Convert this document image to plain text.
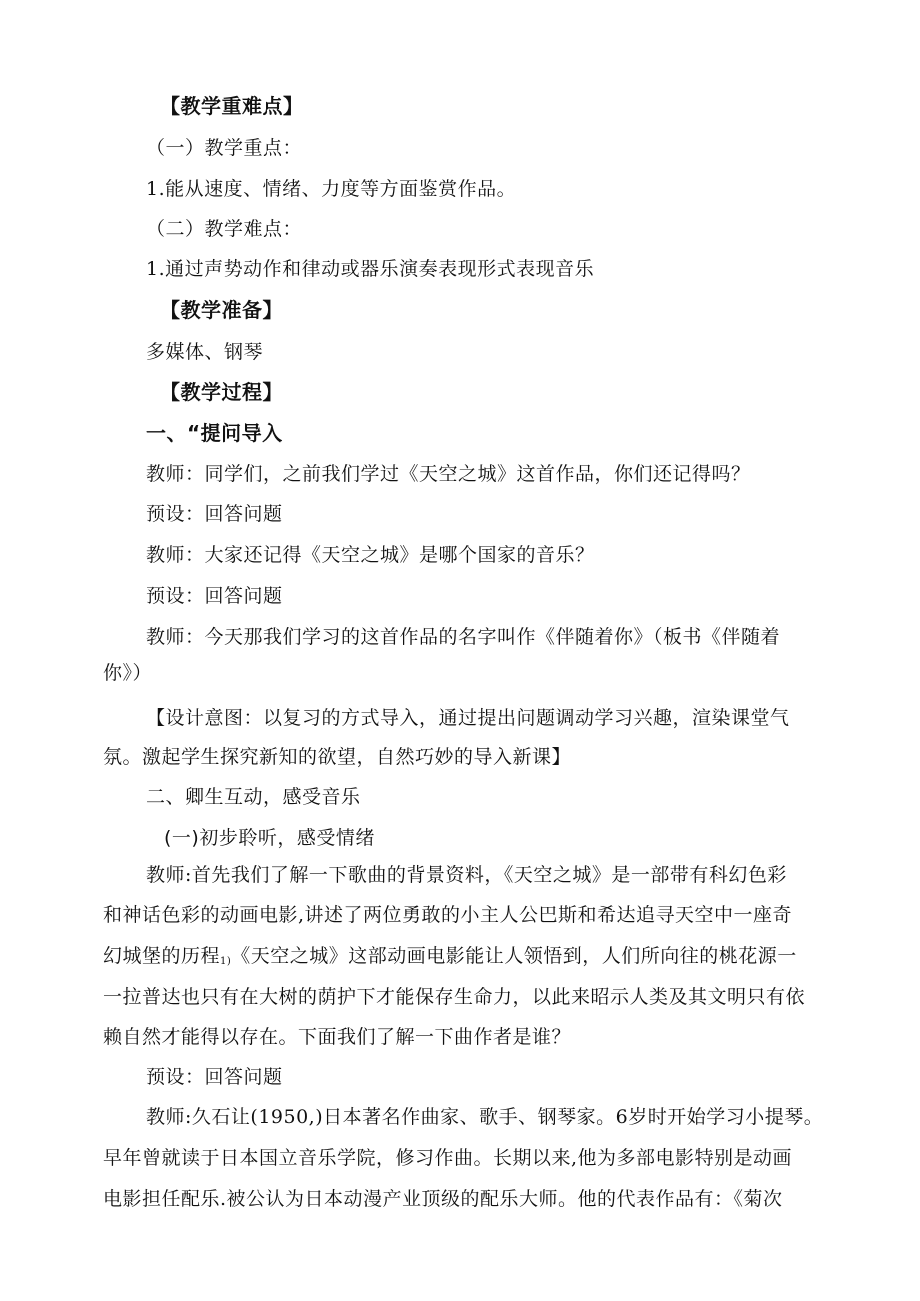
【教学重难点】
（一）教学重点：
1.能从速度、情绪、力度等方面鉴赏作品。
（二）教学难点：
1.通过声势动作和律动或器乐演奏表现形式表现音乐
【教学准备】
多媒体、钢琴
【教学过程】
一、“提问导入
教师：同学们，之前我们学过《天空之城》这首作品，你们还记得吗？
预设：回答问题
教师：大家还记得《天空之城》是哪个国家的音乐？
预设：回答问题
教师：今天那我们学习的这首作品的名字叫作《伴随着你》（板书《伴随着
你》）
【设计意图：以复习的方式导入，通过提出问题调动学习兴趣，渲染课堂气
氛。激起学生探究新知的欲望，自然巧妙的导入新课】
二、卿生互动，感受音乐
(一)初步聆听，感受情绪
教师:首先我们了解一下歌曲的背景资料，《天空之城》是一部带有科幻色彩
和神话色彩的动画电影,讲述了两位勇敢的小主人公巴斯和希达追寻天空中一座奇
幻城堡的历程1)《天空之城》这部动画电影能让人领悟到，人们所向往的桃花源一
一拉普达也只有在大树的荫护下才能保存生命力，以此来昭示人类及其文明只有依
赖自然才能得以存在。下面我们了解一下曲作者是谁？
预设：回答问题
教师:久石让(1950,)日本著名作曲家、歌手、钢琴家。6岁时开始学习小提琴。
早年曾就读于日本国立音乐学院，修习作曲。长期以来,他为多部电影特别是动画
电影担任配乐.被公认为日本动漫产业顶级的配乐大师。他的代表作品有：《菊次
